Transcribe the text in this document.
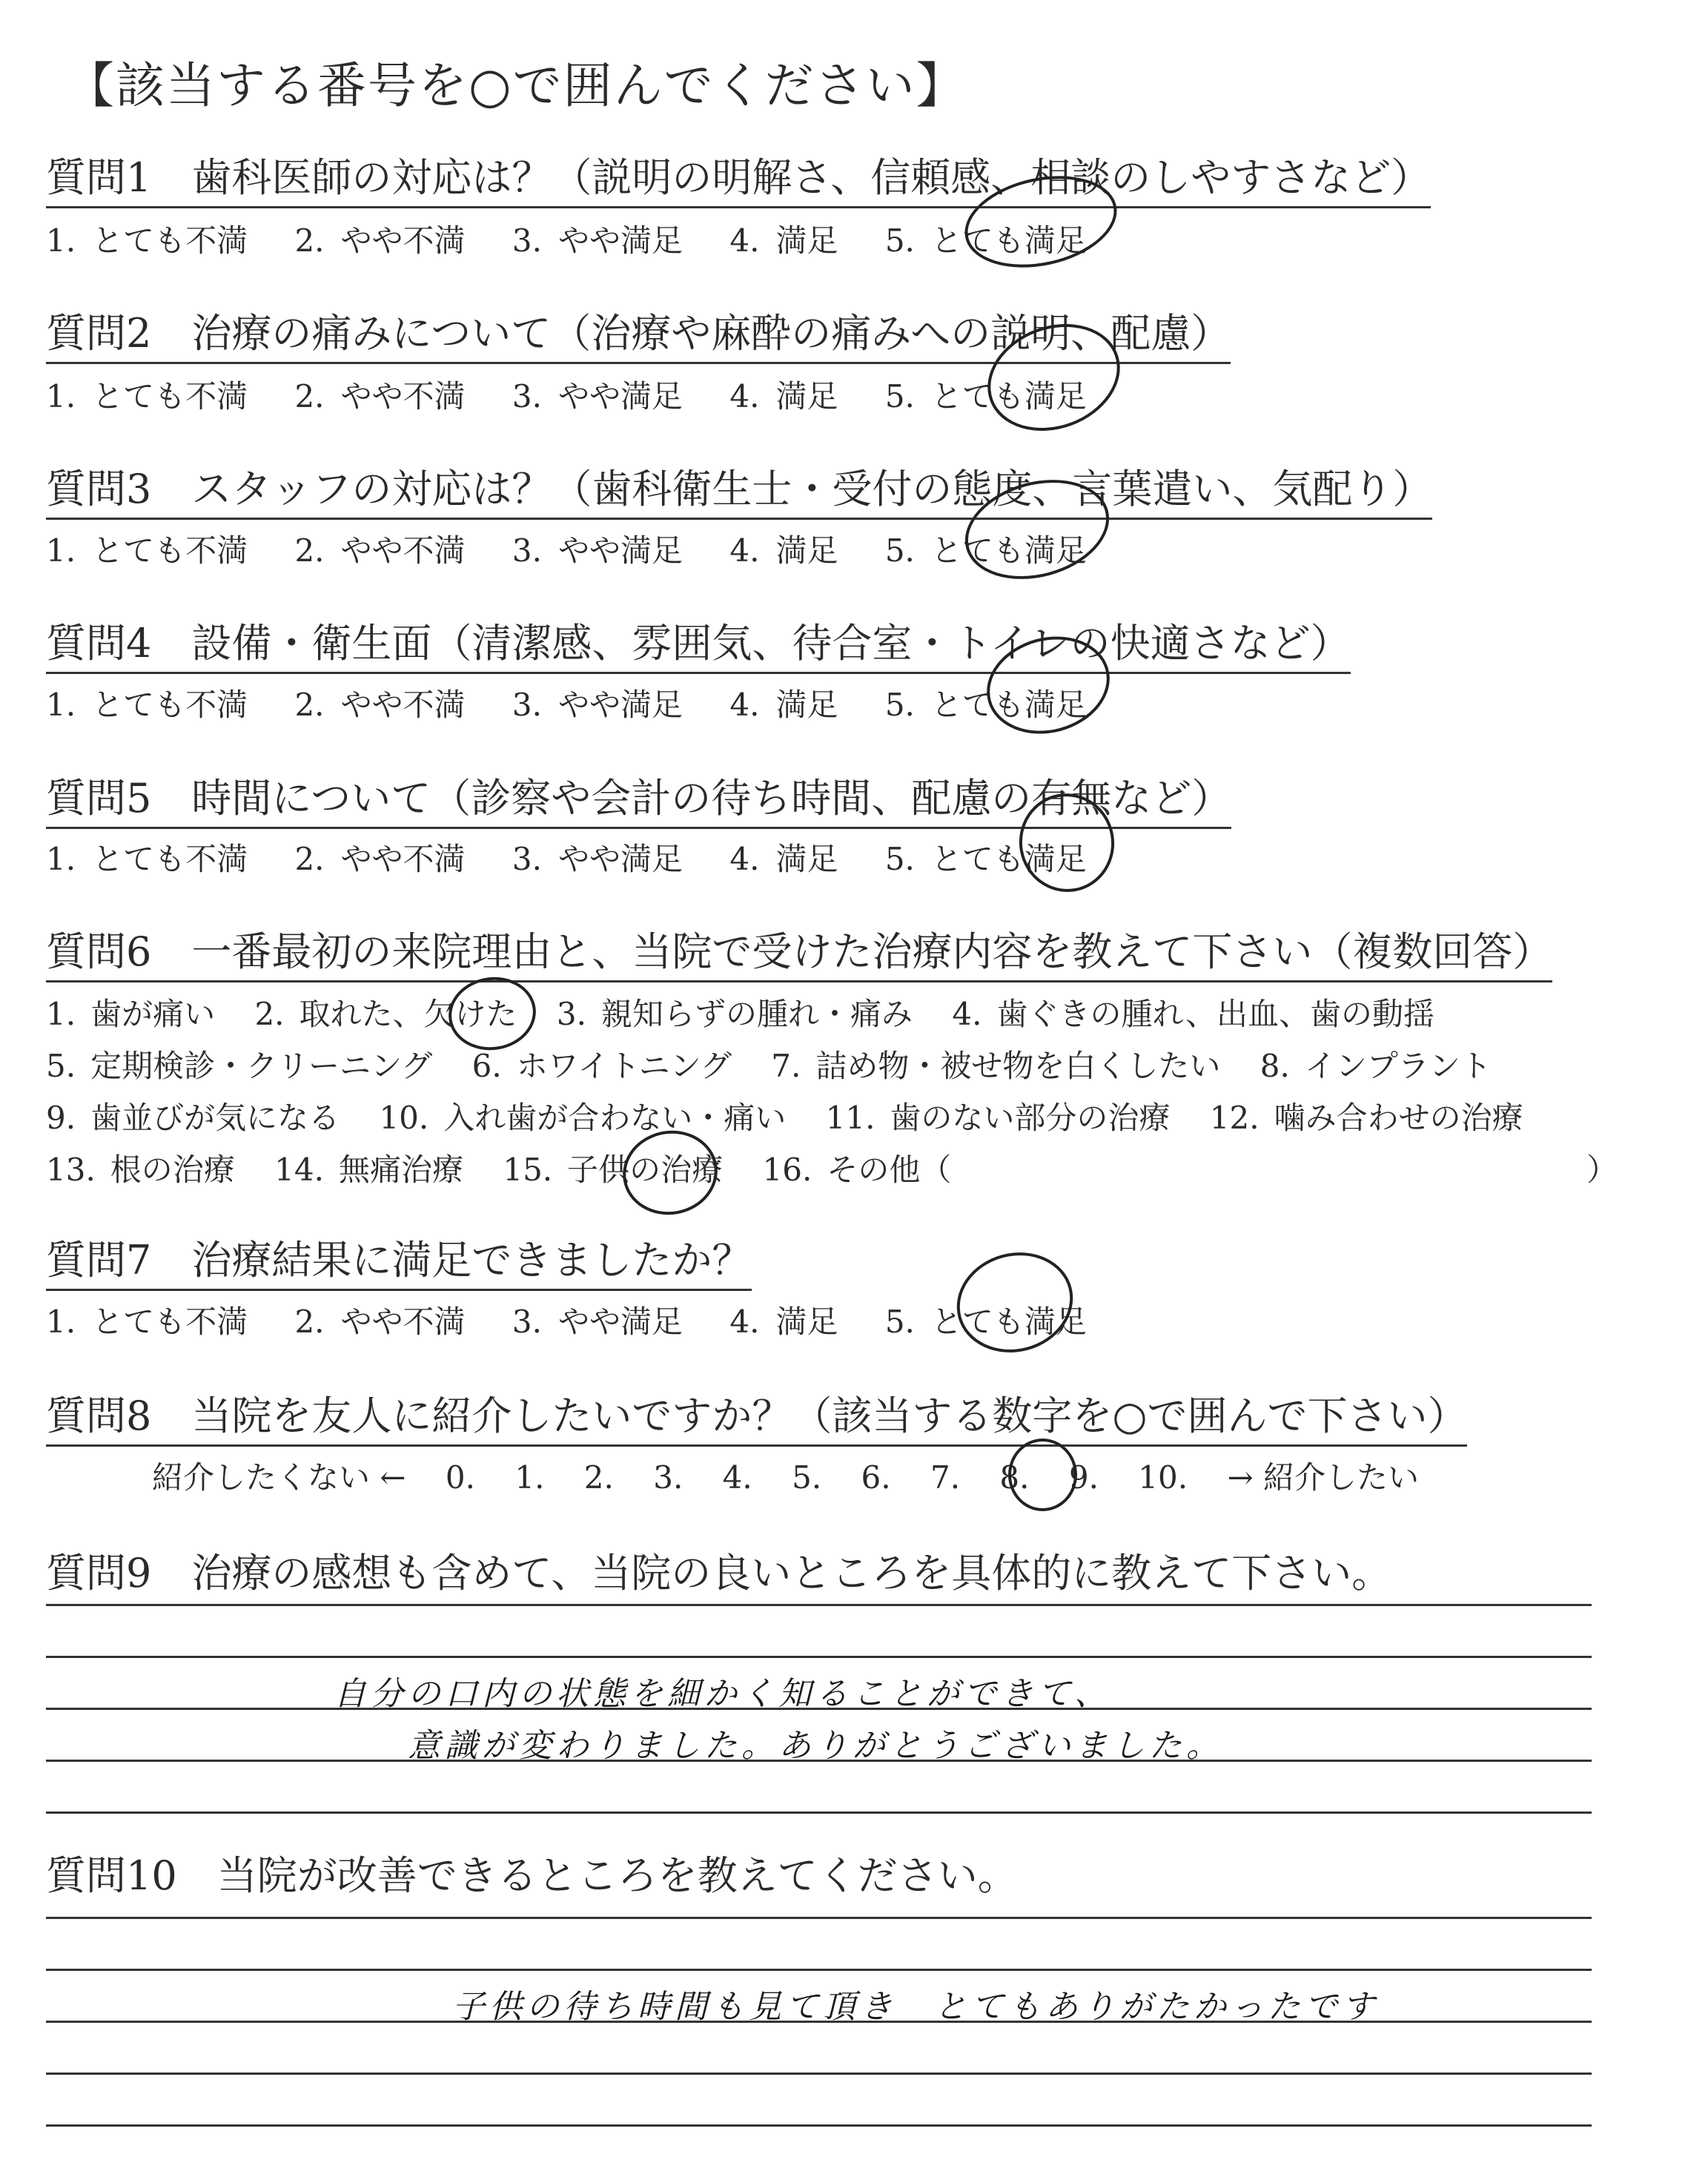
【該当する番号を○で囲んでください】
質問1　歯科医師の対応は？（説明の明解さ、信頼感、相談のしやすさなど）
1. とても不満 2. やや不満 3. やや満足 4. 満足 5. とても満足
質問2　治療の痛みについて（治療や麻酔の痛みへの説明、配慮）
1. とても不満 2. やや不満 3. やや満足 4. 満足 5. とても満足
質問3　スタッフの対応は？（歯科衛生士・受付の態度、言葉遣い、気配り）
1. とても不満 2. やや不満 3. やや満足 4. 満足 5. とても満足
質問4　設備・衛生面（清潔感、雰囲気、待合室・トイレの快適さなど）
1. とても不満 2. やや不満 3. やや満足 4. 満足 5. とても満足
質問5　時間について（診察や会計の待ち時間、配慮の有無など）
1. とても不満 2. やや不満 3. やや満足 4. 満足 5. とても満足
質問6　一番最初の来院理由と、当院で受けた治療内容を教えて下さい（複数回答）
1. 歯が痛い 2. 取れた、欠けた 3. 親知らずの腫れ・痛み 4. 歯ぐきの腫れ、出血、歯の動揺
5. 定期検診・クリーニング 6. ホワイトニング 7. 詰め物・被せ物を白くしたい 8. インプラント
9. 歯並びが気になる 10. 入れ歯が合わない・痛い 11. 歯のない部分の治療 12. 噛み合わせの治療
13. 根の治療 14. 無痛治療 15. 子供の治療 16. その他（	）
質問7　治療結果に満足できましたか？
1. とても不満 2. やや不満 3. やや満足 4. 満足 5. とても満足
質問8　当院を友人に紹介したいですか？（該当する数字を○で囲んで下さい）
紹介したくない ← 0. 1. 2. 3. 4. 5. 6. 7. 8. 9. 10. → 紹介したい
質問9　治療の感想も含めて、当院の良いところを具体的に教えて下さい。
自分の口内の状態を細かく知ることができて、
意識が変わりました。ありがとうございました。
質問10　当院が改善できるところを教えてください。
子供の待ち時間も見て頂き　とてもありがたかったです
